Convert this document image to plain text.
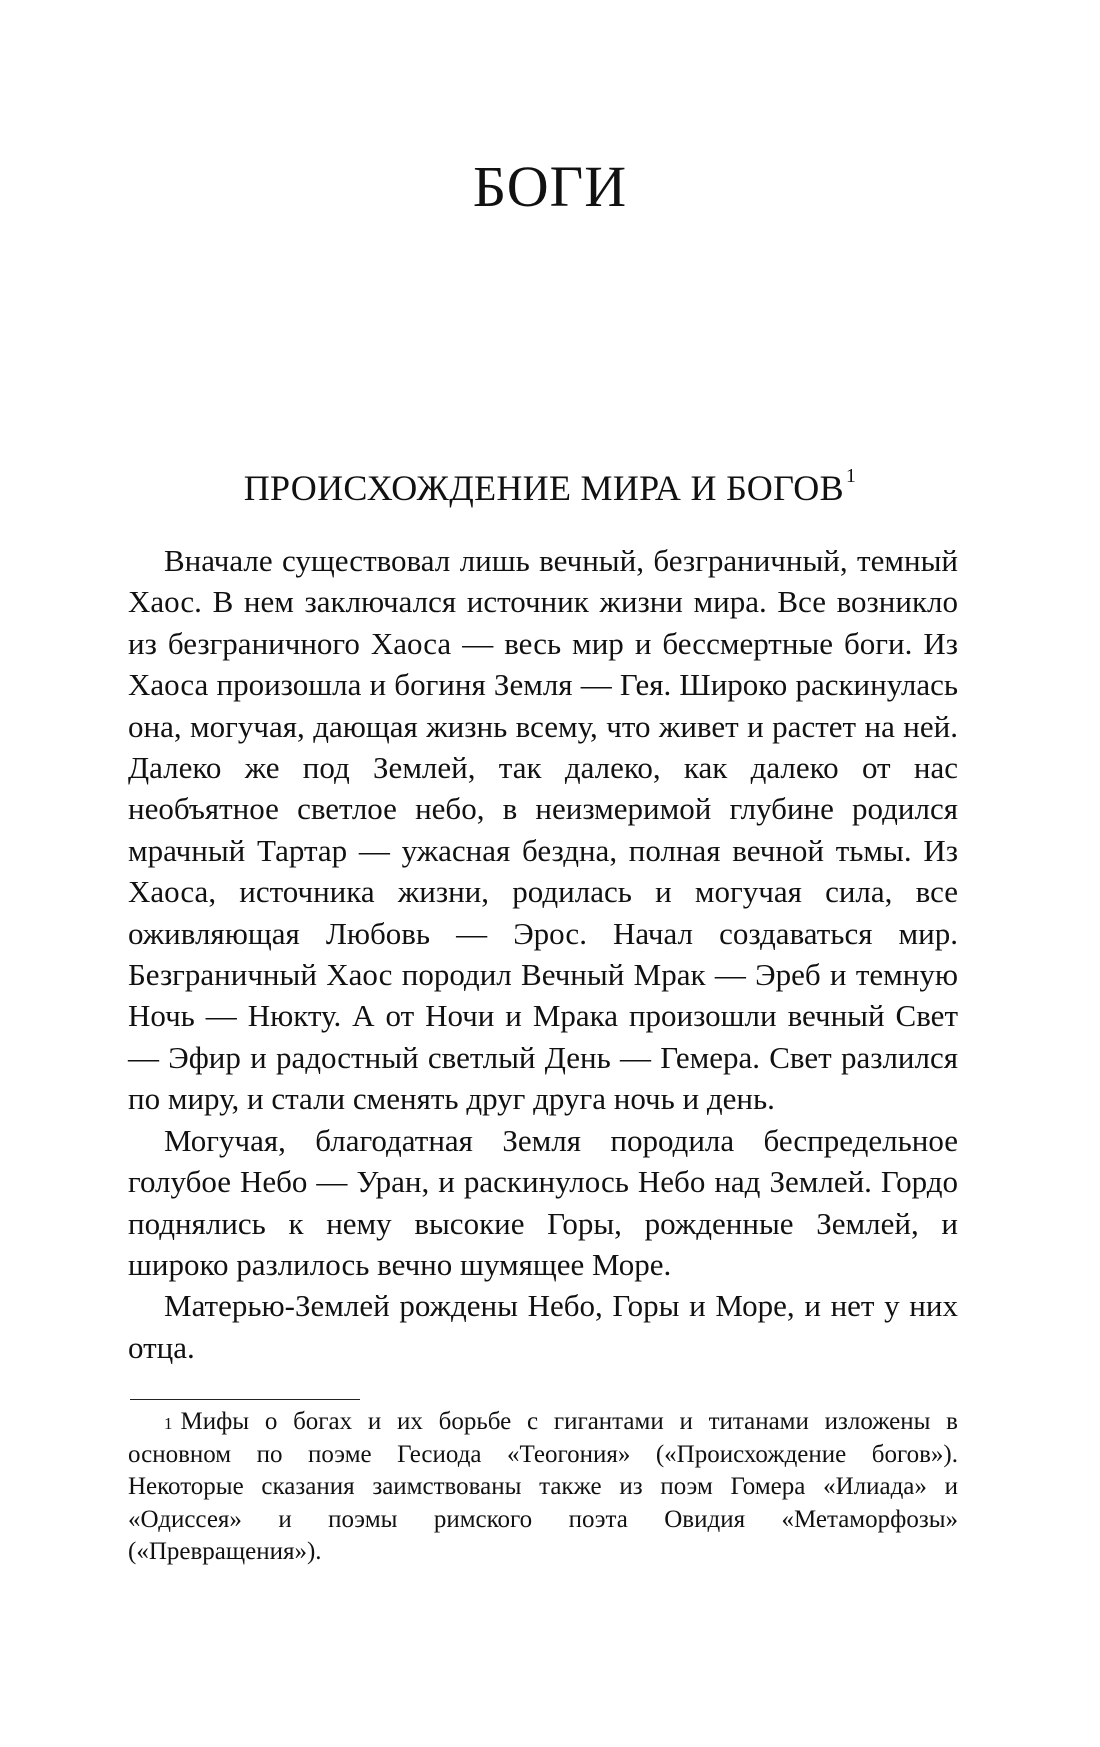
БОГИ
ПРОИСХОЖДЕНИЕ МИРА И БОГОВ $^1$

Вначале существовал лишь вечный, безграничный, темный Хаос. В нем заключался источник жизни мира. Все возникло из безграничного Хаоса — весь мир и бессмертные боги. Из Хаоса произошла и богиня Земля — Гея. Широко раскинулась она, могучая, дающая жизнь всему, что живет и растет на ней. Далеко же под Землей, так далеко, как далеко от нас необъятное светлое небо, в неизмеримой глубине родился мрачный Тартар — ужасная бездна, полная вечной тьмы. Из Хаоса, источника жизни, родилась и могучая сила, все оживляющая Любовь — Эрос. Начал создаваться мир. Безграничный Хаос породил Вечный Мрак — Эреб и темную Ночь — Нюкту. А от Ночи и Мрака произошли вечный Свет — Эфир и радостный светлый День — Гемера. Свет разлился по миру, и стали сменять друг друга ночь и день.

Могучая, благодатная Земля породила беспредельное голубое Небо — Уран, и раскинулось Небо над Землей. Гордо поднялись к нему высокие Горы, рожденные Землей, и широко разлилось вечно шумящее Море.

Матерью-Землей рождены Небо, Горы и Море, и нет у них отца.

$^1$ Мифы о богах и их борьбе с гигантами и титанами изложены в основном по поэме Гесиода «Теогония» («Происхождение богов»). Некоторые сказания заимствованы также из поэм Гомера «Илиада» и «Одиссея» и поэмы римского поэта Овидия «Метаморфозы» («Превращения»).
